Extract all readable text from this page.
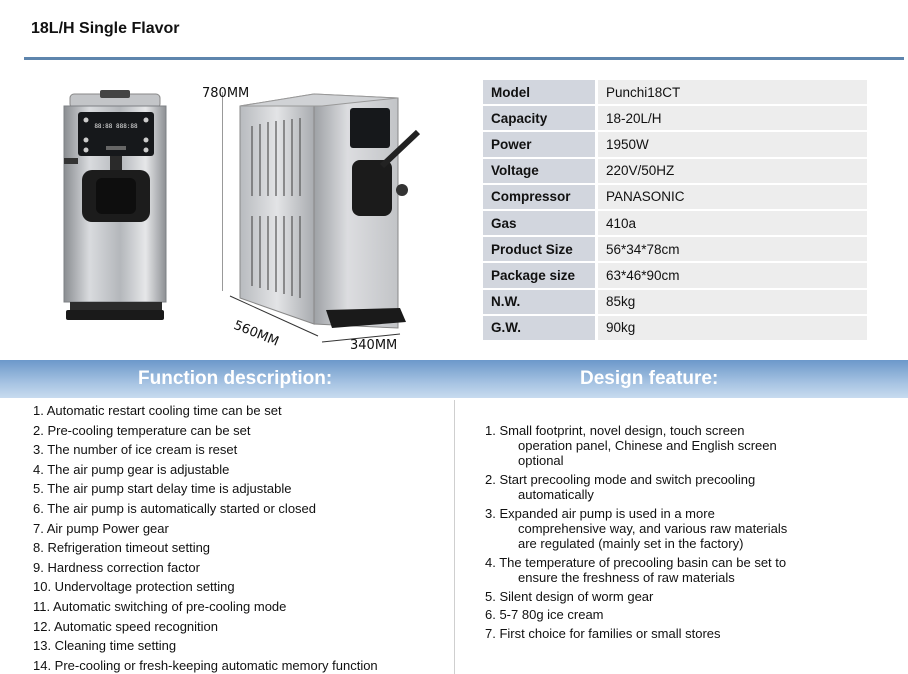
18L/H Single Flavor
88:88 888:88
780MM
560MM	340MM
Model	Punchi18CT
Capacity	18-20L/H
Power	1950W
Voltage	220V/50HZ
Compressor	PANASONIC
Gas	410a
Product Size	56*34*78cm
Package size	63*46*90cm
N.W.	85kg
G.W.	90kg
Function description:	Design feature:
1. Automatic restart cooling time can be set
2. Pre-cooling temperature can be set
3. The number of ice cream is reset
4. The air pump gear is adjustable
5. The air pump start delay time is adjustable
6. The air pump is automatically started or closed
7. Air pump Power gear
8. Refrigeration timeout setting
9. Hardness correction factor
10. Undervoltage protection setting
11. Automatic switching of pre-cooling mode
12. Automatic speed recognition
13. Cleaning time setting
14. Pre-cooling or fresh-keeping automatic memory function
1. Small footprint, novel design, touch screen
operation panel, Chinese and English screen
optional
2. Start precooling mode and switch precooling
automatically
3. Expanded air pump is used in a more
comprehensive way, and various raw materials
are regulated (mainly set in the factory)
4. The temperature of precooling basin can be set to
ensure the freshness of raw materials
5. Silent design of worm gear
6. 5-7 80g ice cream
7. First choice for families or small stores
